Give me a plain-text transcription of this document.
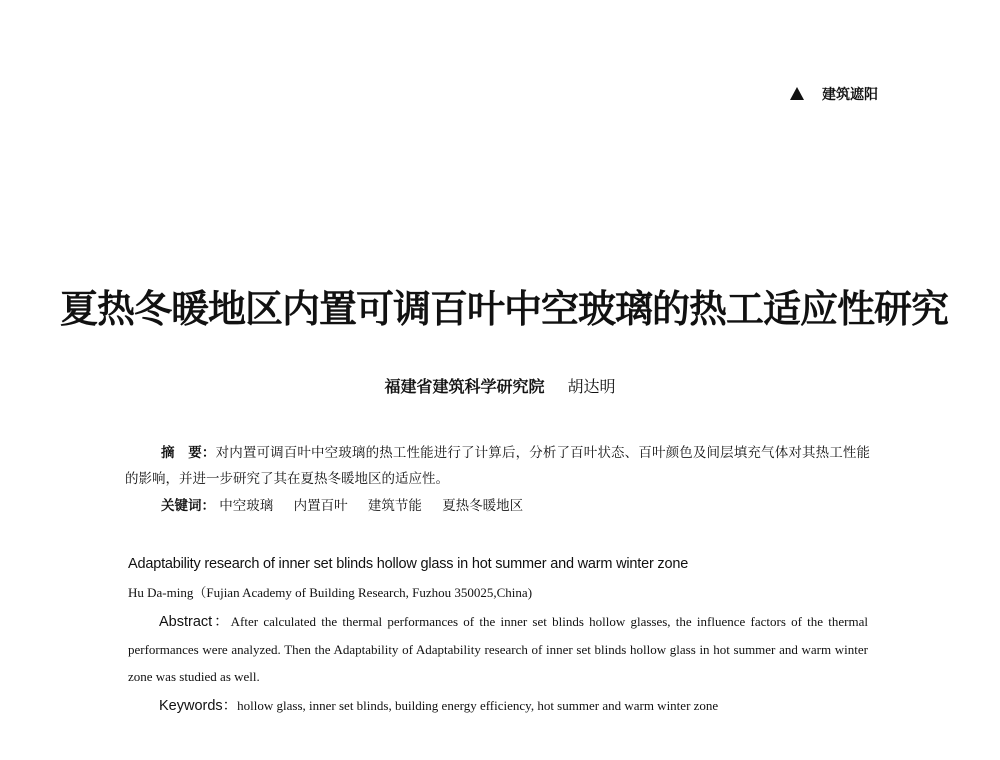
建筑遮阳
夏热冬暖地区内置可调百叶中空玻璃的热工适应性研究
福建省建筑科学研究院 胡达明
摘　要：对内置可调百叶中空玻璃的热工性能进行了计算后，分析了百叶状态、百叶颜色及间层填充气体对其热工性能的影响，并进一步研究了其在夏热冬暖地区的适应性。
关键词： 中空玻璃 内置百叶 建筑节能 夏热冬暖地区
Adaptability research of inner set blinds hollow glass in hot summer and warm winter zone
Hu Da-ming（Fujian Academy of Building Research, Fuzhou 350025,China)
Abstract：After calculated the thermal performances of the inner set blinds hollow glasses, the influence factors of the thermal performances were analyzed. Then the Adaptability of Adaptability research of inner set blinds hollow glass in hot summer and warm winter zone was studied as well.
Keywords：hollow glass, inner set blinds, building energy efficiency, hot summer and warm winter zone
